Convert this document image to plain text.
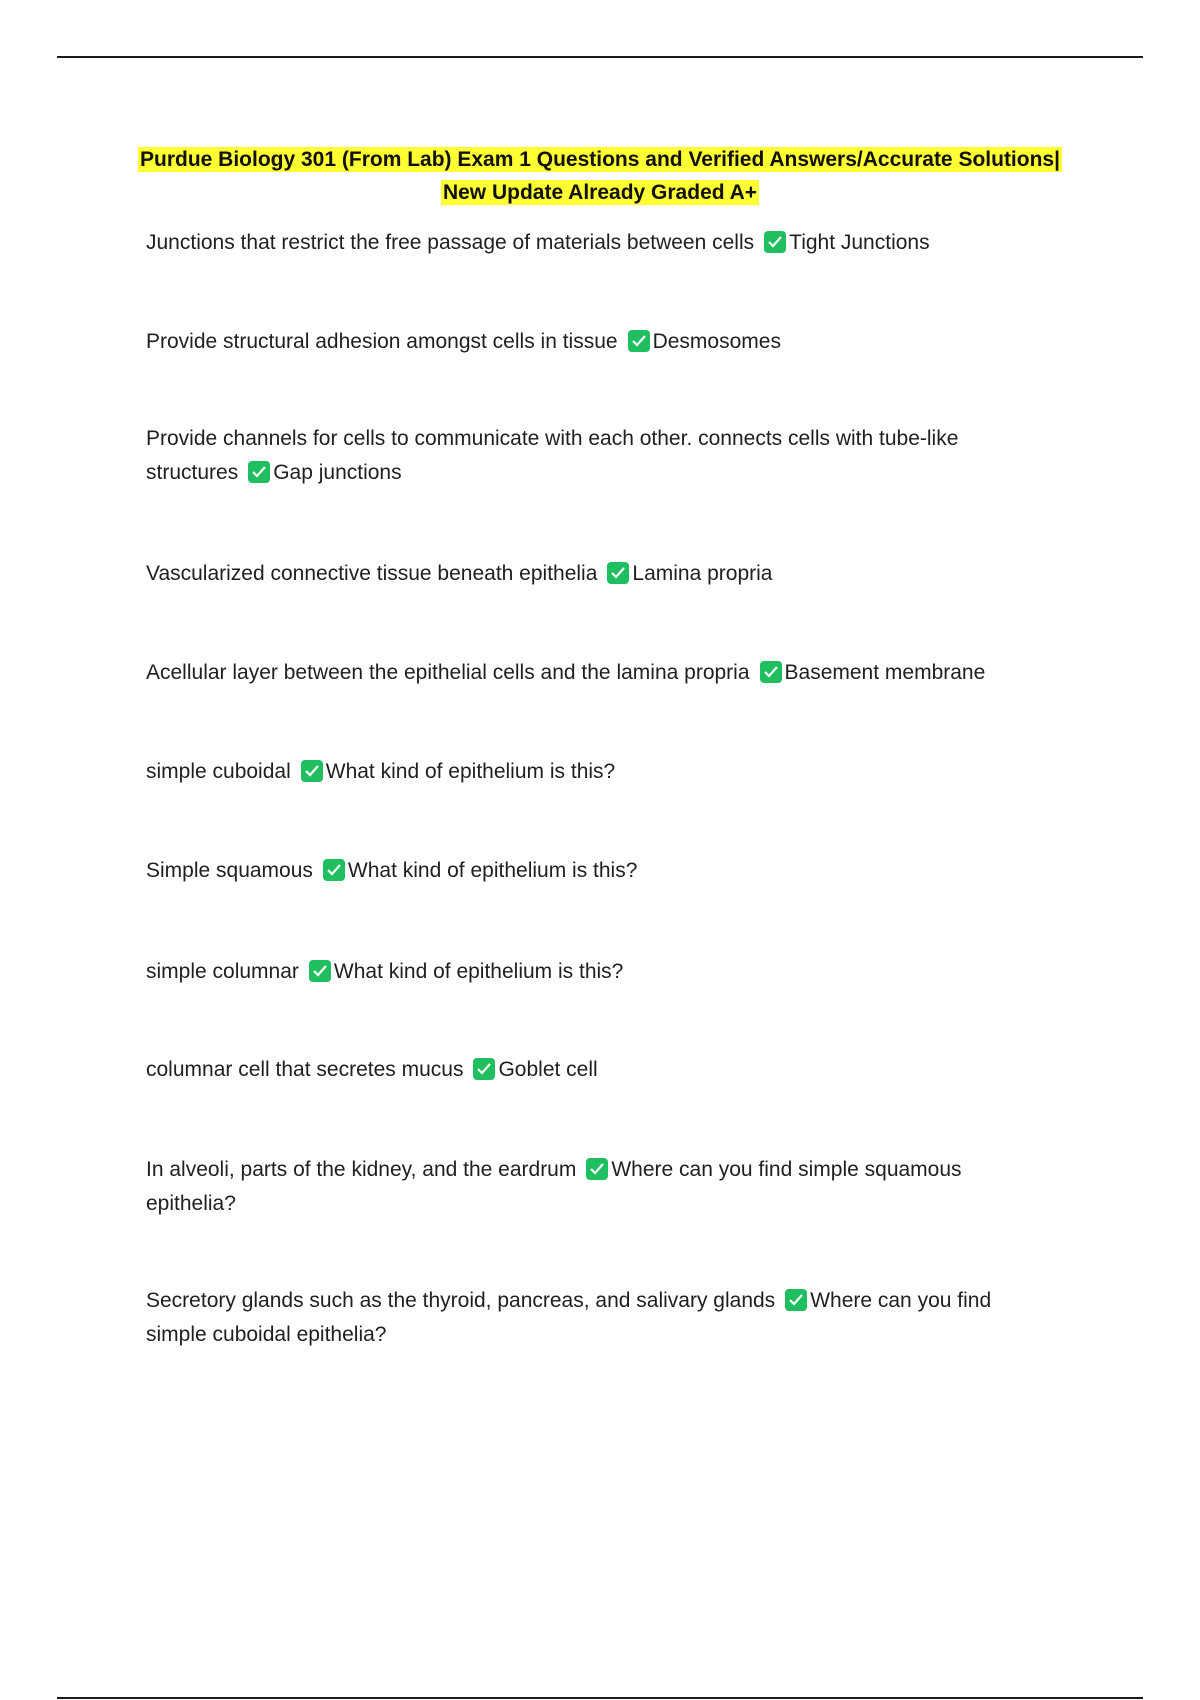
Purdue Biology 301 (From Lab) Exam 1 Questions and Verified Answers/Accurate Solutions|
New Update Already Graded A+
Junctions that restrict the free passage of materials between cells Tight Junctions
Provide structural adhesion amongst cells in tissue Desmosomes
Provide channels for cells to communicate with each other. connects cells with tube-like structures Gap junctions
Vascularized connective tissue beneath epithelia Lamina propria
Acellular layer between the epithelial cells and the lamina propria Basement membrane
simple cuboidal What kind of epithelium is this?
Simple squamous What kind of epithelium is this?
simple columnar What kind of epithelium is this?
columnar cell that secretes mucus Goblet cell
In alveoli, parts of the kidney, and the eardrum Where can you find simple squamous epithelia?
Secretory glands such as the thyroid, pancreas, and salivary glands Where can you find simple cuboidal epithelia?
